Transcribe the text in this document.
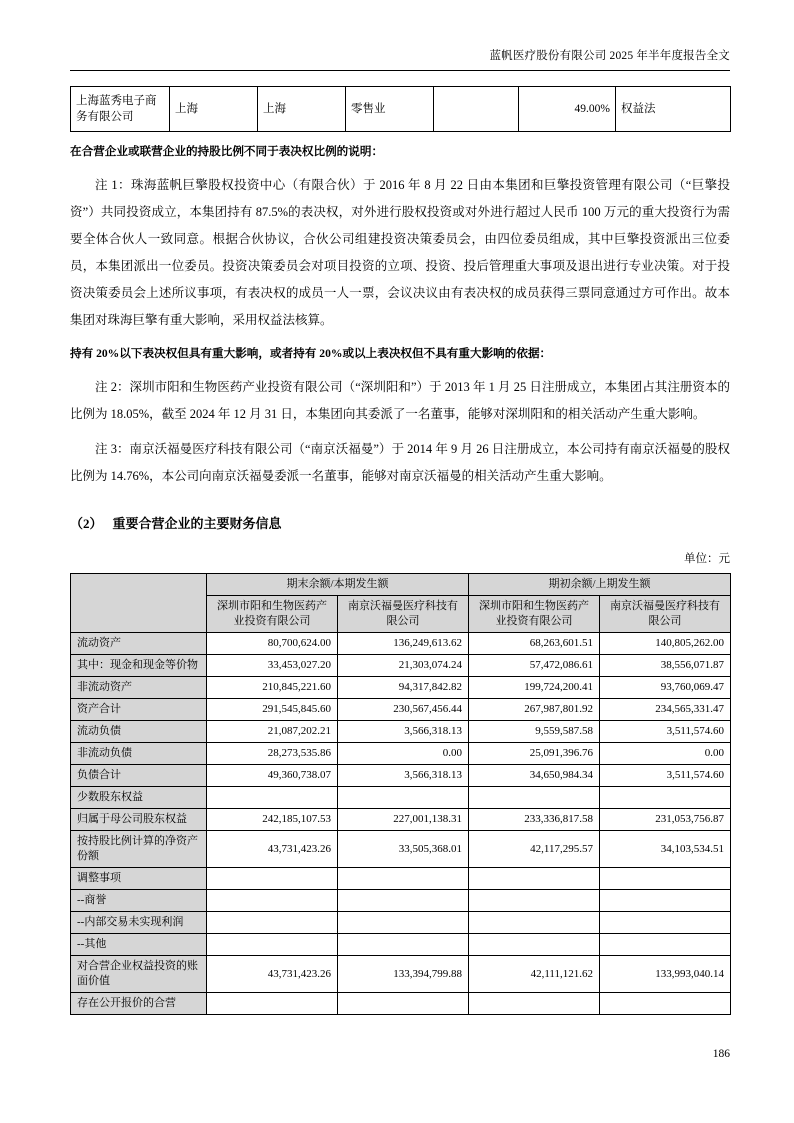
蓝帆医疗股份有限公司 2025 年半年度报告全文
上海蓝秀电子商务有限公司	上海	上海	零售业		49.00%	权益法

在合营企业或联营企业的持股比例不同于表决权比例的说明：

注 1：珠海蓝帆巨擎股权投资中心（有限合伙）于 2016 年 8 月 22 日由本集团和巨擎投资管理有限公司（“巨擎投资”）共同投资成立，本集团持有 87.5%的表决权，对外进行股权投资或对外进行超过人民币 100 万元的重大投资行为需要全体合伙人一致同意。根据合伙协议，合伙公司组建投资决策委员会，由四位委员组成，其中巨擎投资派出三位委员，本集团派出一位委员。投资决策委员会对项目投资的立项、投资、投后管理重大事项及退出进行专业决策。对于投资决策委员会上述所议事项，有表决权的成员一人一票，会议决议由有表决权的成员获得三票同意通过方可作出。故本集团对珠海巨擎有重大影响，采用权益法核算。

持有 20%以下表决权但具有重大影响，或者持有 20%或以上表决权但不具有重大影响的依据：

注 2：深圳市阳和生物医药产业投资有限公司（“深圳阳和”）于 2013 年 1 月 25 日注册成立，本集团占其注册资本的比例为 18.05%，截至 2024 年 12 月 31 日，本集团向其委派了一名董事，能够对深圳阳和的相关活动产生重大影响。

注 3：南京沃福曼医疗科技有限公司（“南京沃福曼”）于 2014 年 9 月 26 日注册成立，本公司持有南京沃福曼的股权比例为 14.76%，本公司向南京沃福曼委派一名董事，能够对南京沃福曼的相关活动产生重大影响。

（2） 重要合营企业的主要财务信息

单位：元

	期末余额/本期发生额		期初余额/上期发生额	
	深圳市阳和生物医药产业投资有限公司	南京沃福曼医疗科技有限公司	深圳市阳和生物医药产业投资有限公司	南京沃福曼医疗科技有限公司
流动资产	80,700,624.00	136,249,613.62	68,263,601.51	140,805,262.00
其中：现金和现金等价物	33,453,027.20	21,303,074.24	57,472,086.61	38,556,071.87
非流动资产	210,845,221.60	94,317,842.82	199,724,200.41	93,760,069.47
资产合计	291,545,845.60	230,567,456.44	267,987,801.92	234,565,331.47
流动负债	21,087,202.21	3,566,318.13	9,559,587.58	3,511,574.60
非流动负债	28,273,535.86	0.00	25,091,396.76	0.00
负债合计	49,360,738.07	3,566,318.13	34,650,984.34	3,511,574.60
少数股东权益				
归属于母公司股东权益	242,185,107.53	227,001,138.31	233,336,817.58	231,053,756.87
按持股比例计算的净资产份额	43,731,423.26	33,505,368.01	42,117,295.57	34,103,534.51
调整事项				
--商誉				
--内部交易未实现利润				
--其他				
对合营企业权益投资的账面价值	43,731,423.26	133,394,799.88	42,111,121.62	133,993,040.14
存在公开报价的合营				
186
